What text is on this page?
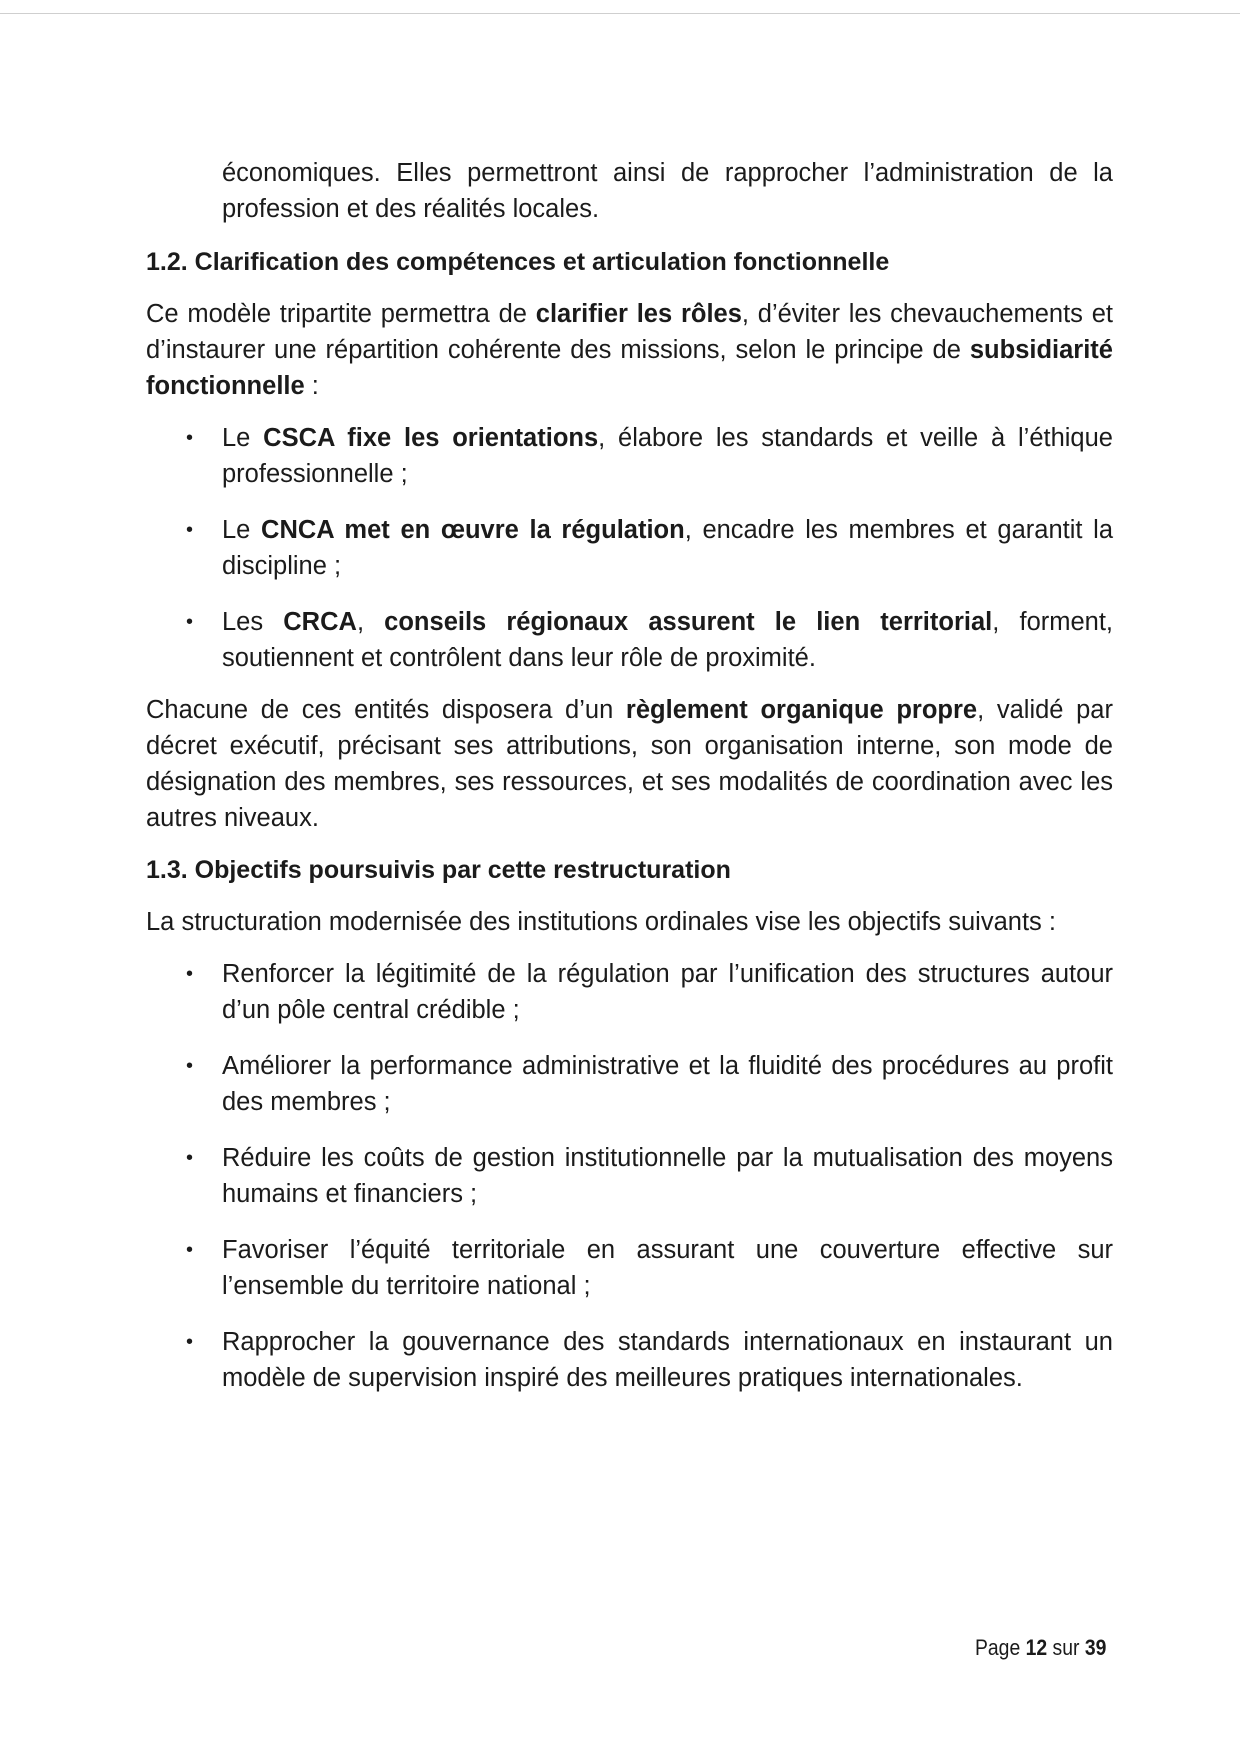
économiques. Elles permettront ainsi de rapprocher l’administration de la profession et des réalités locales.

1.2. Clarification des compétences et articulation fonctionnelle

Ce modèle tripartite permettra de clarifier les rôles, d’éviter les chevauchements et d’instaurer une répartition cohérente des missions, selon le principe de subsidiarité fonctionnelle :

• Le CSCA fixe les orientations, élabore les standards et veille à l’éthique professionnelle ;
• Le CNCA met en œuvre la régulation, encadre les membres et garantit la discipline ;
• Les CRCA, conseils régionaux assurent le lien territorial, forment, soutiennent et contrôlent dans leur rôle de proximité.

Chacune de ces entités disposera d’un règlement organique propre, validé par décret exécutif, précisant ses attributions, son organisation interne, son mode de désignation des membres, ses ressources, et ses modalités de coordination avec les autres niveaux.

1.3. Objectifs poursuivis par cette restructuration

La structuration modernisée des institutions ordinales vise les objectifs suivants :

• Renforcer la légitimité de la régulation par l’unification des structures autour d’un pôle central crédible ;
• Améliorer la performance administrative et la fluidité des procédures au profit des membres ;
• Réduire les coûts de gestion institutionnelle par la mutualisation des moyens humains et financiers ;
• Favoriser l’équité territoriale en assurant une couverture effective sur l’ensemble du territoire national ;
• Rapprocher la gouvernance des standards internationaux en instaurant un modèle de supervision inspiré des meilleures pratiques internationales.
Page 12 sur 39
